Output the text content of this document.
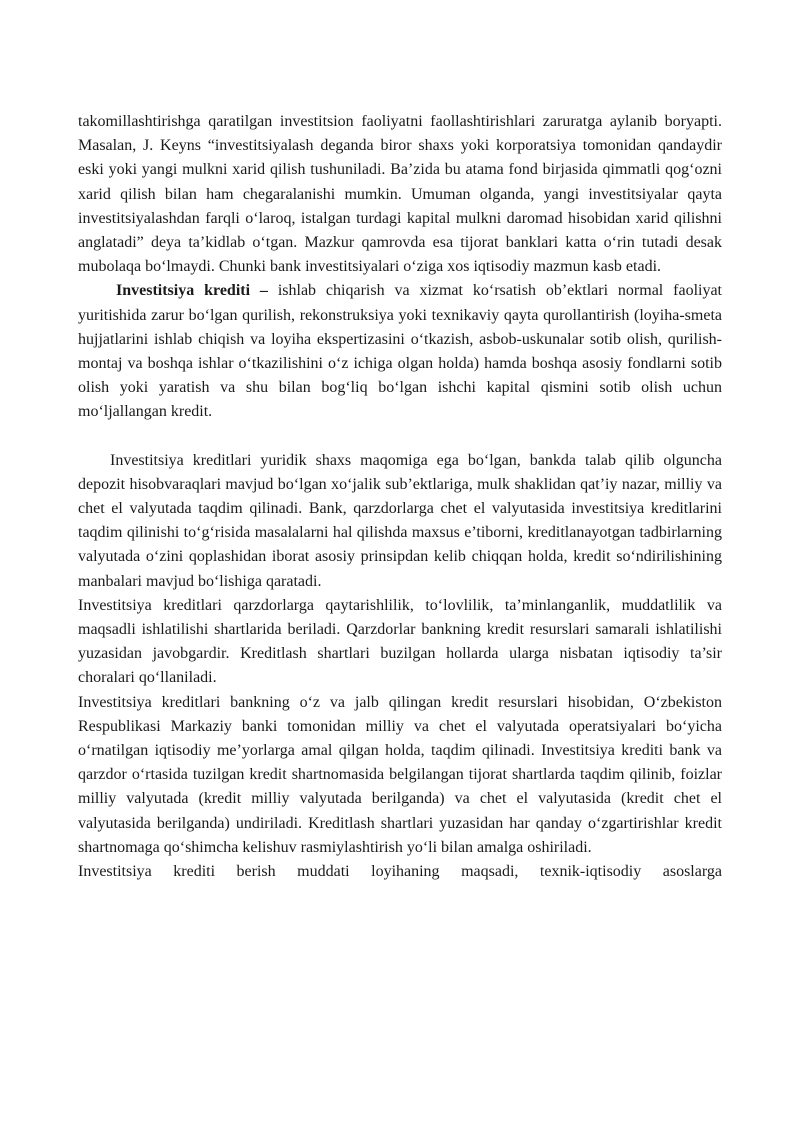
takomillashtirishga qaratilgan investitsion faoliyatni faollashtirishlari zaruratga aylanib boryapti. Masalan, J. Keyns “investitsiyalash deganda biror shaxs yoki korporatsiya tomonidan qandaydir eski yoki yangi mulkni xarid qilish tushuniladi. Ba’zida bu atama fond birjasida qimmatli qog‘ozni xarid qilish bilan ham chegaralanishi mumkin. Umuman olganda, yangi investitsiyalar qayta investitsiyalashdan farqli o‘laroq, istalgan turdagi kapital mulkni daromad hisobidan xarid qilishni anglatadi” deya ta’kidlab o‘tgan. Mazkur qamrovda esa tijorat banklari katta o‘rin tutadi desak mubolaqa bo‘lmaydi. Chunki bank investitsiyalari o‘ziga xos iqtisodiy mazmun kasb etadi.

Investitsiya krediti – ishlab chiqarish va xizmat ko‘rsatish ob’ektlari normal faoliyat yuritishida zarur bo‘lgan qurilish, rekonstruksiya yoki texnikaviy qayta qurollantirish (loyiha-smeta hujjatlarini ishlab chiqish va loyiha ekspertizasini o‘tkazish, asbob-uskunalar sotib olish, qurilish-montaj va boshqa ishlar o‘tkazilishini o‘z ichiga olgan holda) hamda boshqa asosiy fondlarni sotib olish yoki yaratish va shu bilan bog‘liq bo‘lgan ishchi kapital qismini sotib olish uchun mo‘ljallangan kredit.

Investitsiya kreditlari yuridik shaxs maqomiga ega bo‘lgan, bankda talab qilib olguncha depozit hisobvaraqlari mavjud bo‘lgan xo‘jalik sub’ektlariga, mulk shaklidan qat’iy nazar, milliy va chet el valyutada taqdim qilinadi. Bank, qarzdorlarga chet el valyutasida investitsiya kreditlarini taqdim qilinishi to‘g‘risida masalalarni hal qilishda maxsus e’tiborni, kreditlanayotgan tadbirlarning valyutada o‘zini qoplashidan iborat asosiy prinsipdan kelib chiqqan holda, kredit so‘ndirilishining manbalari mavjud bo‘lishiga qaratadi.

Investitsiya kreditlari qarzdorlarga qaytarishlilik, to‘lovlilik, ta’minlanganlik, muddatlilik va maqsadli ishlatilishi shartlarida beriladi. Qarzdorlar bankning kredit resurslari samarali ishlatilishi yuzasidan javobgardir. Kreditlash shartlari buzilgan hollarda ularga nisbatan iqtisodiy ta’sir choralari qo‘llaniladi.

Investitsiya kreditlari bankning o‘z va jalb qilingan kredit resurslari hisobidan, O‘zbekiston Respublikasi Markaziy banki tomonidan milliy va chet el valyutada operatsiyalari bo‘yicha o‘rnatilgan iqtisodiy me’yorlarga amal qilgan holda, taqdim qilinadi. Investitsiya krediti bank va qarzdor o‘rtasida tuzilgan kredit shartnomasida belgilangan tijorat shartlarda taqdim qilinib, foizlar milliy valyutada (kredit milliy valyutada berilganda) va chet el valyutasida (kredit chet el valyutasida berilganda) undiriladi. Kreditlash shartlari yuzasidan har qanday o‘zgartirishlar kredit shartnomaga qo‘shimcha kelishuv rasmiylashtirish yo‘li bilan amalga oshiriladi.

Investitsiya krediti berish muddati loyihaning maqsadi, texnik-iqtisodiy asoslarga
